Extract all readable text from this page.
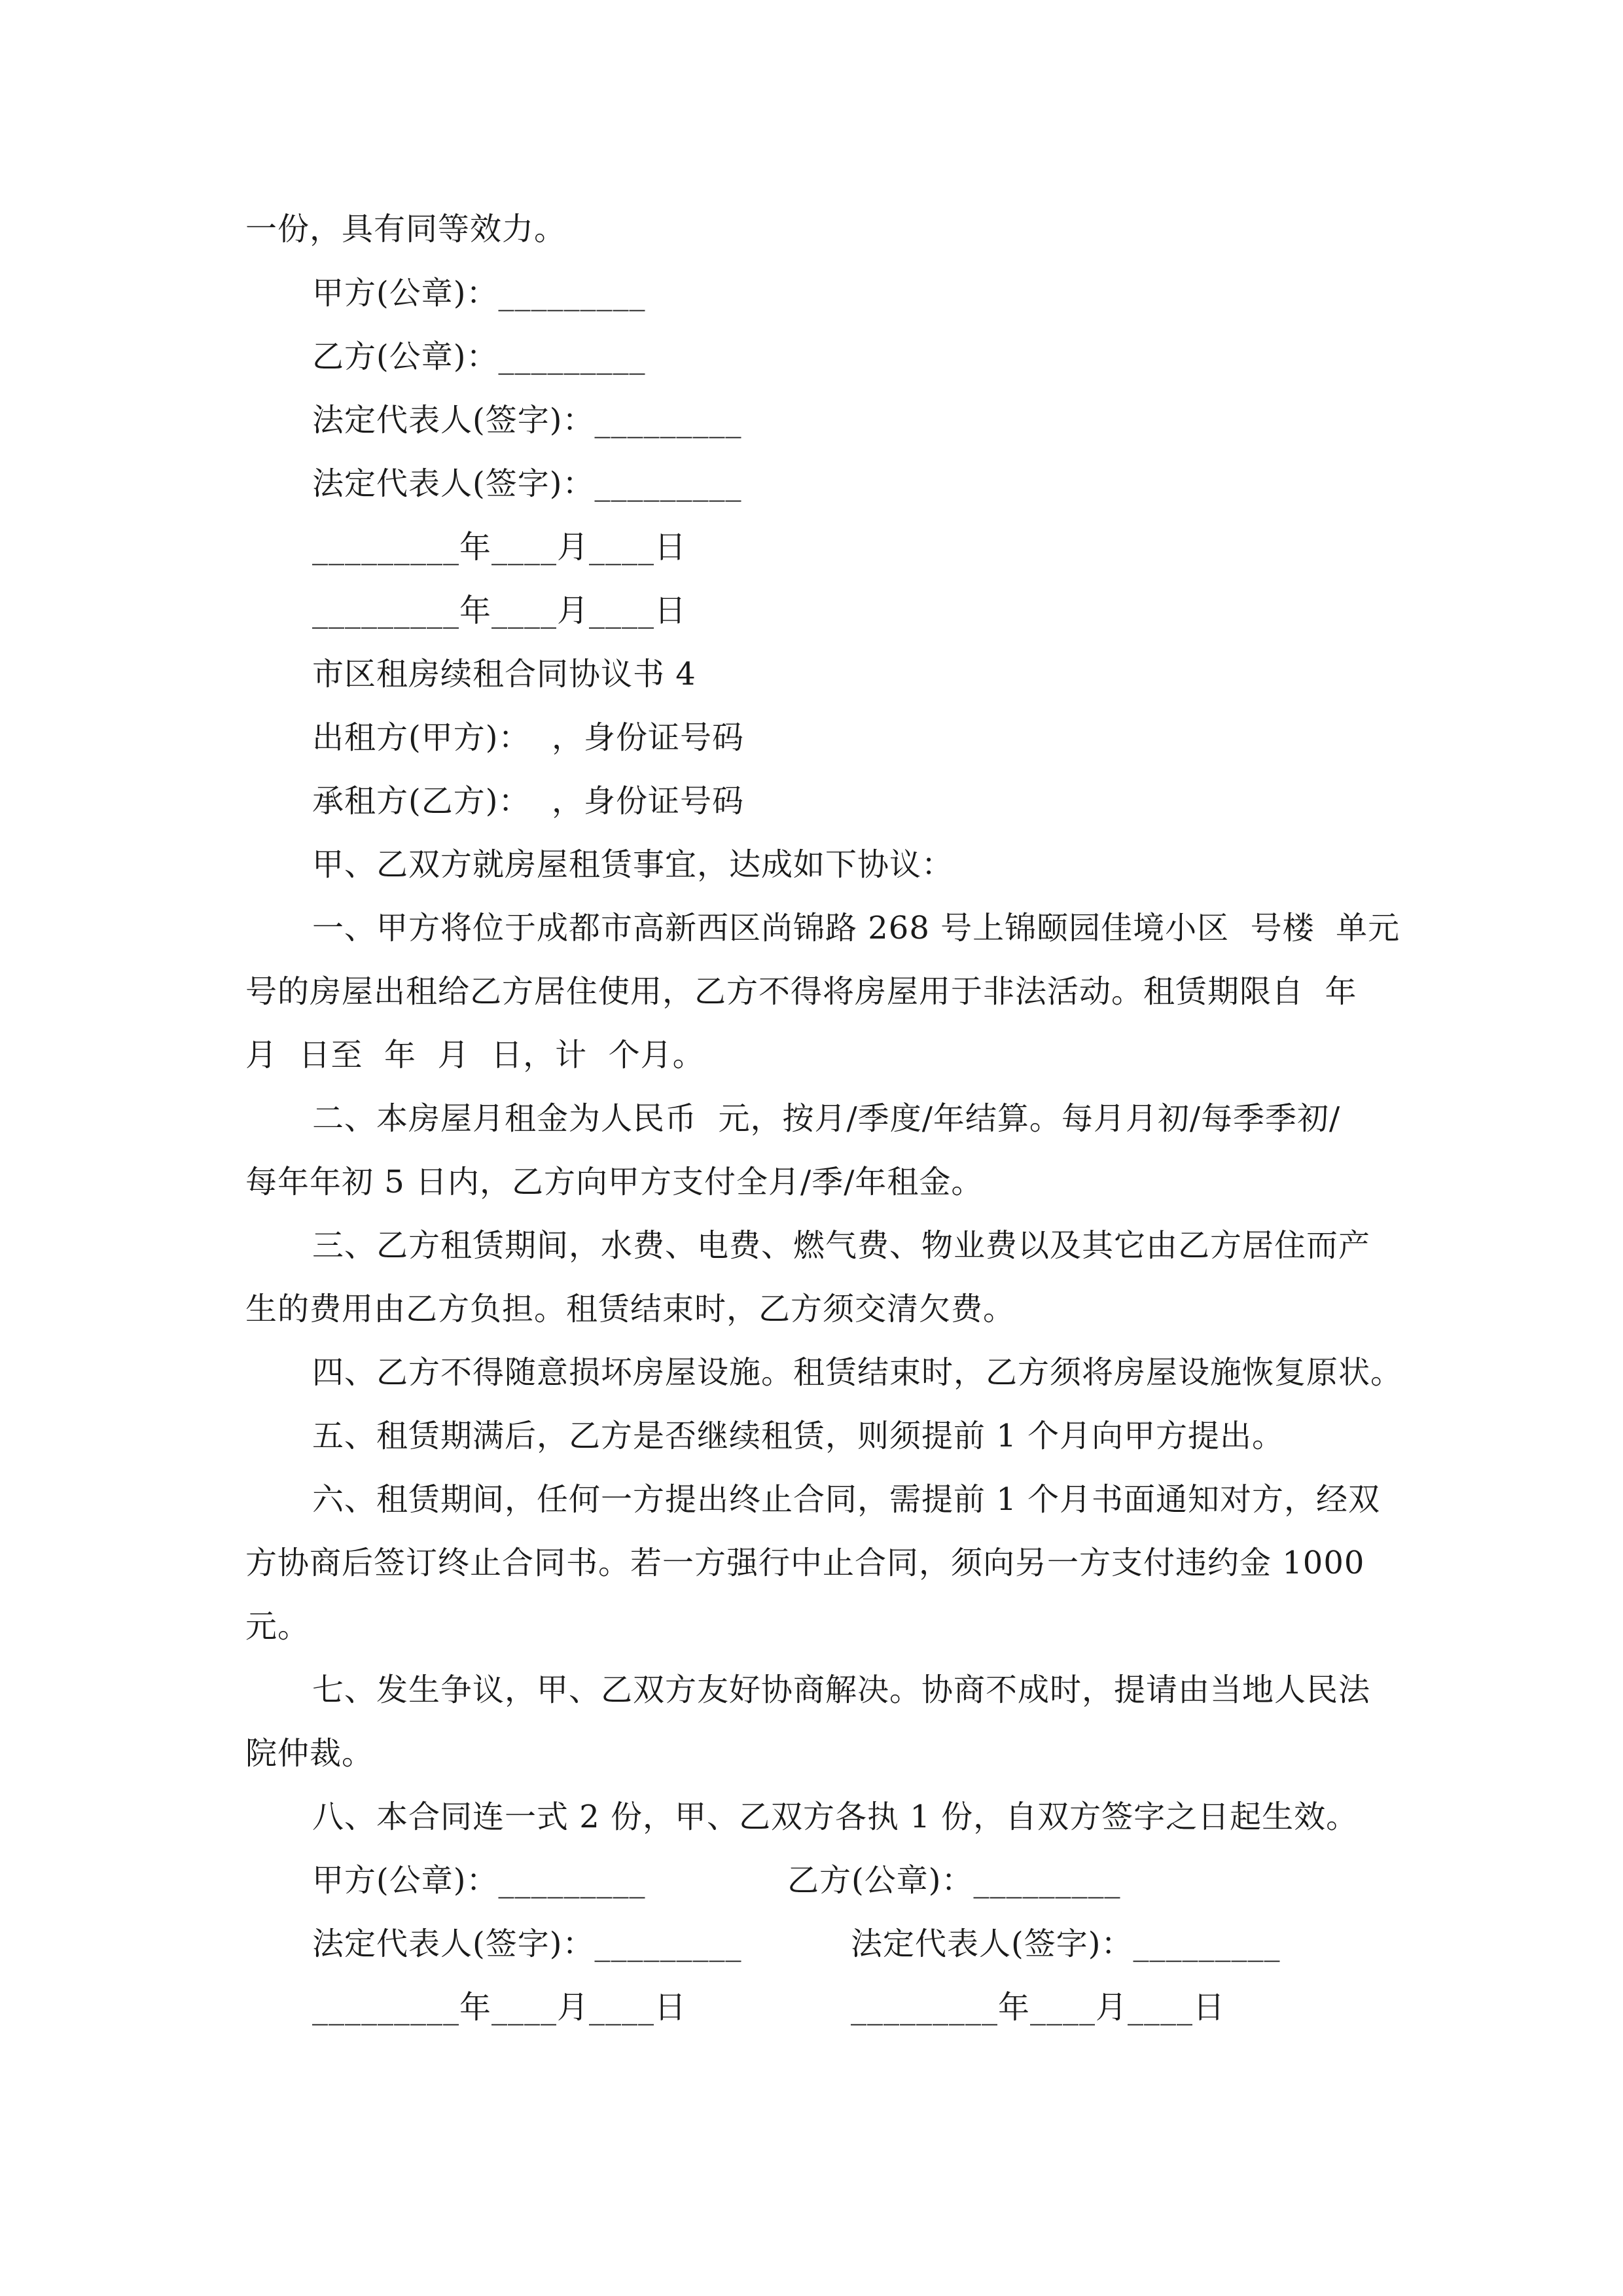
一份，具有同等效力。
甲方(公章)：_________
乙方(公章)：_________
法定代表人(签字)：_________
法定代表人(签字)：_________
_________年____月____日
_________年____月____日
市区租房续租合同协议书 4
出租方(甲方)：  ，身份证号码
承租方(乙方)：  ，身份证号码
甲、乙双方就房屋租赁事宜，达成如下协议：
一、甲方将位于成都市高新西区尚锦路 268 号上锦颐园佳境小区  号楼  单元
号的房屋出租给乙方居住使用，乙方不得将房屋用于非法活动。租赁期限自  年
月  日至  年  月  日，计  个月。
二、本房屋月租金为人民币  元，按月/季度/年结算。每月月初/每季季初/
每年年初 5 日内，乙方向甲方支付全月/季/年租金。
三、乙方租赁期间，水费、电费、燃气费、物业费以及其它由乙方居住而产
生的费用由乙方负担。租赁结束时，乙方须交清欠费。
四、乙方不得随意损坏房屋设施。租赁结束时，乙方须将房屋设施恢复原状。
五、租赁期满后，乙方是否继续租赁，则须提前 1 个月向甲方提出。
六、租赁期间，任何一方提出终止合同，需提前 1 个月书面通知对方，经双
方协商后签订终止合同书。若一方强行中止合同，须向另一方支付违约金 1000
元。
七、发生争议，甲、乙双方友好协商解决。协商不成时，提请由当地人民法
院仲裁。
八、本合同连一式 2 份，甲、乙双方各执 1 份，自双方签字之日起生效。
甲方(公章)：_________	乙方(公章)：_________
法定代表人(签字)：_________	法定代表人(签字)：_________
_________年____月____日	_________年____月____日
